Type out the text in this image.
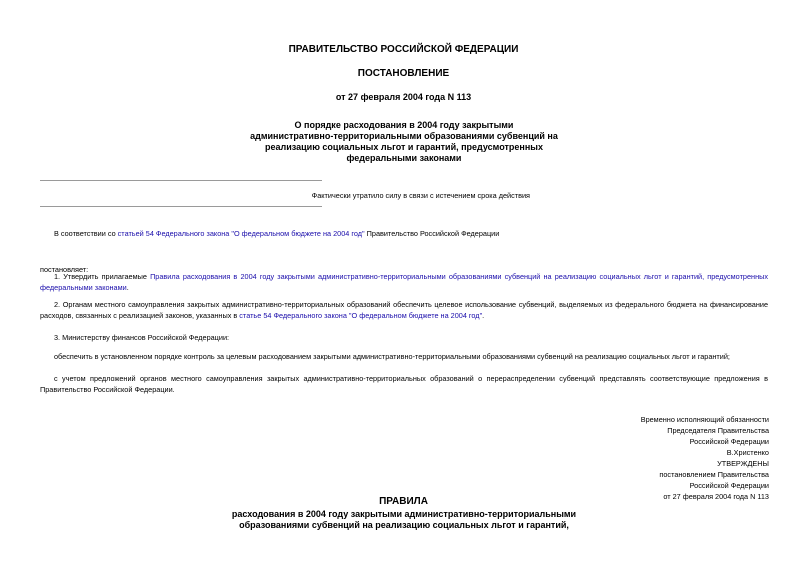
ПРАВИТЕЛЬСТВО РОССИЙСКОЙ ФЕДЕРАЦИИ
ПОСТАНОВЛЕНИЕ
от 27 февраля 2004 года N 113
О порядке расходования в 2004 году закрытыми
административно-территориальными образованиями субвенций на
реализацию социальных льгот и гарантий, предусмотренных
федеральными законами
Фактически утратило силу в связи с истечением срока действия
В соответствии со статьей 54 Федерального закона "О федеральном бюджете на 2004 год" Правительство Российской Федерации
постановляет:
1. Утвердить прилагаемые Правила расходования в 2004 году закрытыми административно-территориальными образованиями субвенций на реализацию социальных льгот и гарантий, предусмотренных федеральными законами.
2. Органам местного самоуправления закрытых административно-территориальных образований обеспечить целевое использование субвенций, выделяемых из федерального бюджета на финансирование расходов, связанных с реализацией законов, указанных в статье 54 Федерального закона "О федеральном бюджете на 2004 год".
3. Министерству финансов Российской Федерации:
обеспечить в установленном порядке контроль за целевым расходованием закрытыми административно-территориальными образованиями субвенций на реализацию социальных льгот и гарантий;
с учетом предложений органов местного самоуправления закрытых административно-территориальных образований о перераспределении субвенций представлять соответствующие предложения в Правительство Российской Федерации.
Временно исполняющий обязанности
Председателя Правительства
Российской Федерации
В.Христенко
УТВЕРЖДЕНЫ
постановлением Правительства
Российской Федерации
от 27 февраля 2004 года N 113
ПРАВИЛА
расходования в 2004 году закрытыми административно-территориальными
образованиями субвенций на реализацию социальных льгот и гарантий,
